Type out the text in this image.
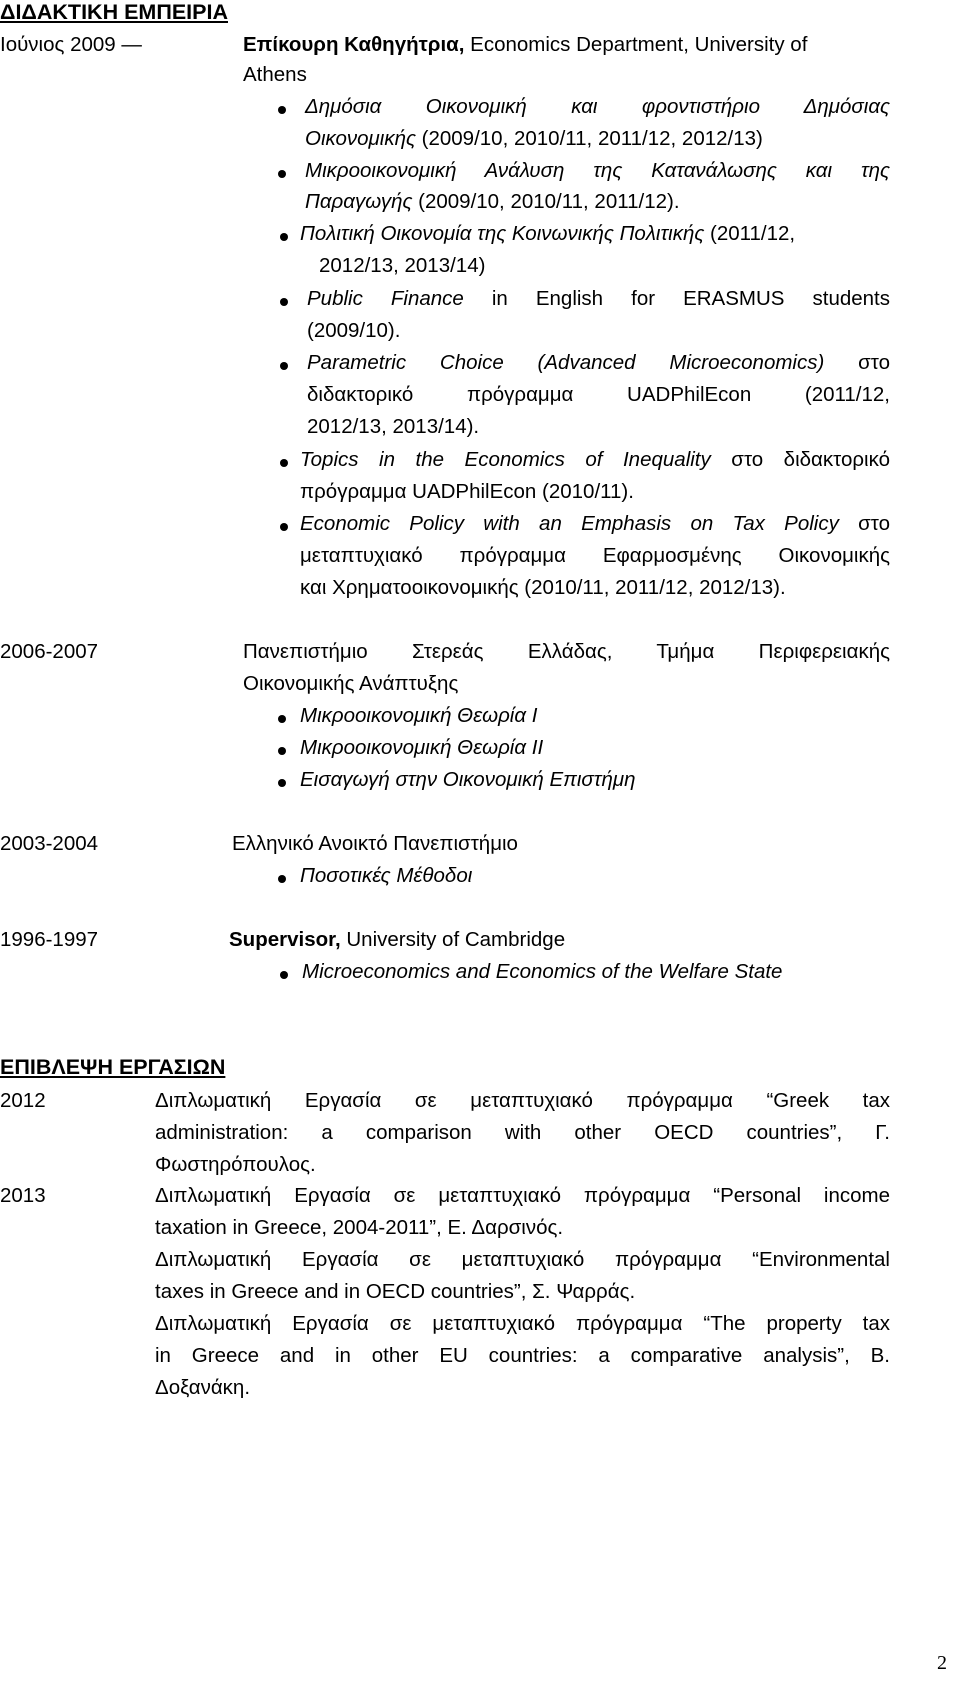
ΔΙΔΑΚΤΙΚΗ ΕΜΠΕΙΡΙΑ
Ιούνιος 2009 —	Επίκουρη Καθηγήτρια, Economics Department, University of
Athens
Δημόσια Οικονομική και φροντιστήριο Δημόσιας
Οικονομικής (2009/10, 2010/11, 2011/12, 2012/13)
Μικροοικονομική Ανάλυση της Κατανάλωσης και της
Παραγωγής (2009/10, 2010/11, 2011/12).
Πολιτική Οικονομία της Κοινωνικής Πολιτικής (2011/12,
2012/13, 2013/14)
Public Finance in English for ERASMUS students
(2009/10).
Parametric Choice (Advanced Microeconomics) στο
διδακτορικό πρόγραμμα UADPhilEcon (2011/12,
2012/13, 2013/14).
Topics in the Economics of Inequality στο διδακτορικό
πρόγραμμα UADPhilEcon (2010/11).
Economic Policy with an Emphasis on Tax Policy στο
μεταπτυχιακό πρόγραμμα Εφαρμοσμένης Οικονομικής
και Χρηματοοικονομικής (2010/11, 2011/12, 2012/13).
2006-2007	Πανεπιστήμιο Στερεάς Ελλάδας, Τμήμα Περιφερειακής
Οικονομικής Ανάπτυξης
Μικροοικονομική Θεωρία Ι
Μικροοικονομική Θεωρία ΙΙ
Εισαγωγή στην Οικονομική Επιστήμη
2003-2004	Ελληνικό Ανοικτό Πανεπιστήμιο
Ποσοτικές Μέθοδοι
1996-1997	Supervisor, University of Cambridge
Microeconomics and Economics of the Welfare State
ΕΠΙΒΛΕΨΗ ΕΡΓΑΣΙΩΝ
2012	Διπλωματική Εργασία σε μεταπτυχιακό πρόγραμμα “Greek tax
administration: a comparison with other OECD countries”, Γ.
Φωστηρόπουλος.
2013	Διπλωματική Εργασία σε μεταπτυχιακό πρόγραμμα “Personal income
taxation in Greece, 2004-2011”, Ε. Δαρσινός.
Διπλωματική Εργασία σε μεταπτυχιακό πρόγραμμα “Environmental
taxes in Greece and in OECD countries”, Σ. Ψαρράς.
Διπλωματική Εργασία σε μεταπτυχιακό πρόγραμμα “The property tax
in Greece and in other EU countries: a comparative analysis”, Β.
Δοξανάκη.
2
